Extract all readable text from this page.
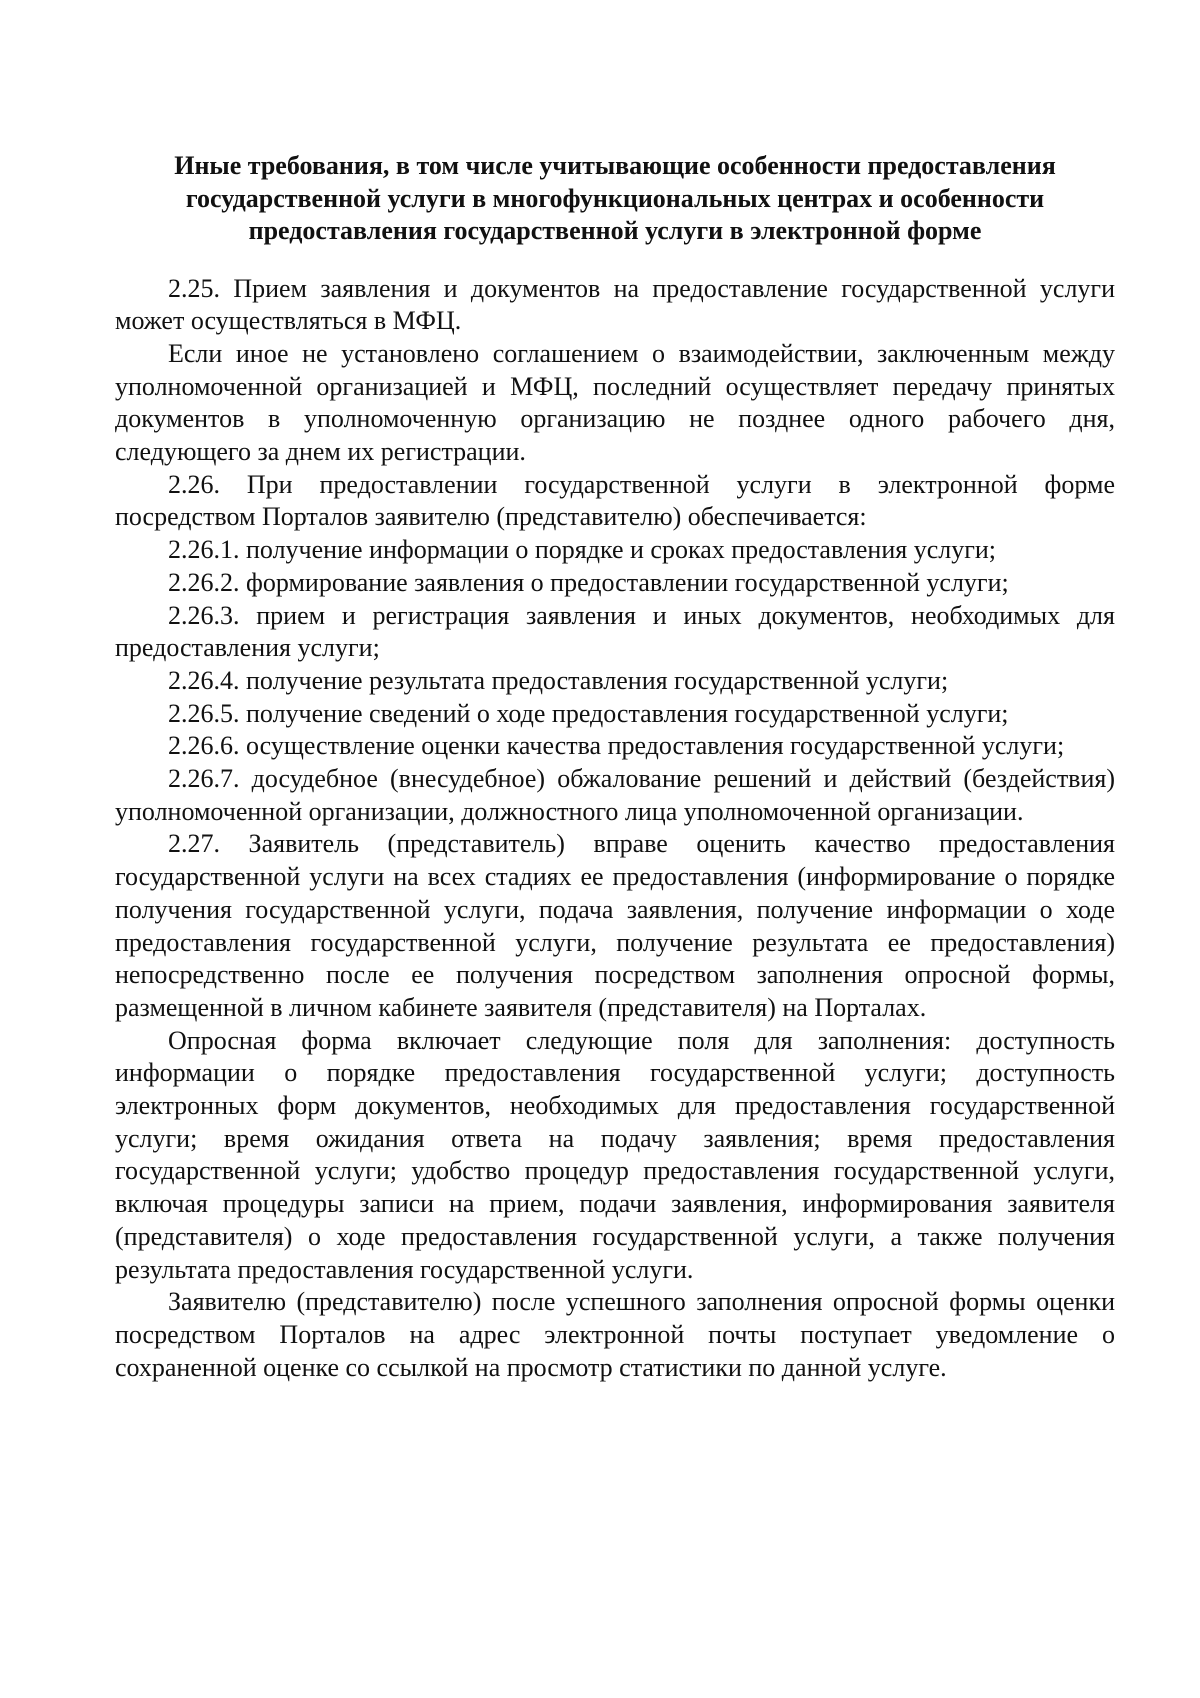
Иные требования, в том числе учитывающие особенности предоставления государственной услуги в многофункциональных центрах и особенности предоставления государственной услуги в электронной форме

2.25. Прием заявления и документов на предоставление государственной услуги может осуществляться в МФЦ.

Если иное не установлено соглашением о взаимодействии, заключенным между уполномоченной организацией и МФЦ, последний осуществляет передачу принятых документов в уполномоченную организацию не позднее одного рабочего дня, следующего за днем их регистрации.

2.26. При предоставлении государственной услуги в электронной форме посредством Порталов заявителю (представителю) обеспечивается:

2.26.1. получение информации о порядке и сроках предоставления услуги;

2.26.2. формирование заявления о предоставлении государственной услуги;

2.26.3. прием и регистрация заявления и иных документов, необходимых для предоставления услуги;

2.26.4. получение результата предоставления государственной услуги;

2.26.5. получение сведений о ходе предоставления государственной услуги;

2.26.6. осуществление оценки качества предоставления государственной услуги;

2.26.7. досудебное (внесудебное) обжалование решений и действий (бездействия) уполномоченной организации, должностного лица уполномоченной организации.

2.27. Заявитель (представитель) вправе оценить качество предоставления государственной услуги на всех стадиях ее предоставления (информирование о порядке получения государственной услуги, подача заявления, получение информации о ходе предоставления государственной услуги, получение результата ее предоставления) непосредственно после ее получения посредством заполнения опросной формы, размещенной в личном кабинете заявителя (представителя) на Порталах.

Опросная форма включает следующие поля для заполнения: доступность информации о порядке предоставления государственной услуги; доступность электронных форм документов, необходимых для предоставления государственной услуги; время ожидания ответа на подачу заявления; время предоставления государственной услуги; удобство процедур предоставления государственной услуги, включая процедуры записи на прием, подачи заявления, информирования заявителя (представителя) о ходе предоставления государственной услуги, а также получения результата предоставления государственной услуги.

Заявителю (представителю) после успешного заполнения опросной формы оценки посредством Порталов на адрес электронной почты поступает уведомление о сохраненной оценке со ссылкой на просмотр статистики по данной услуге.
